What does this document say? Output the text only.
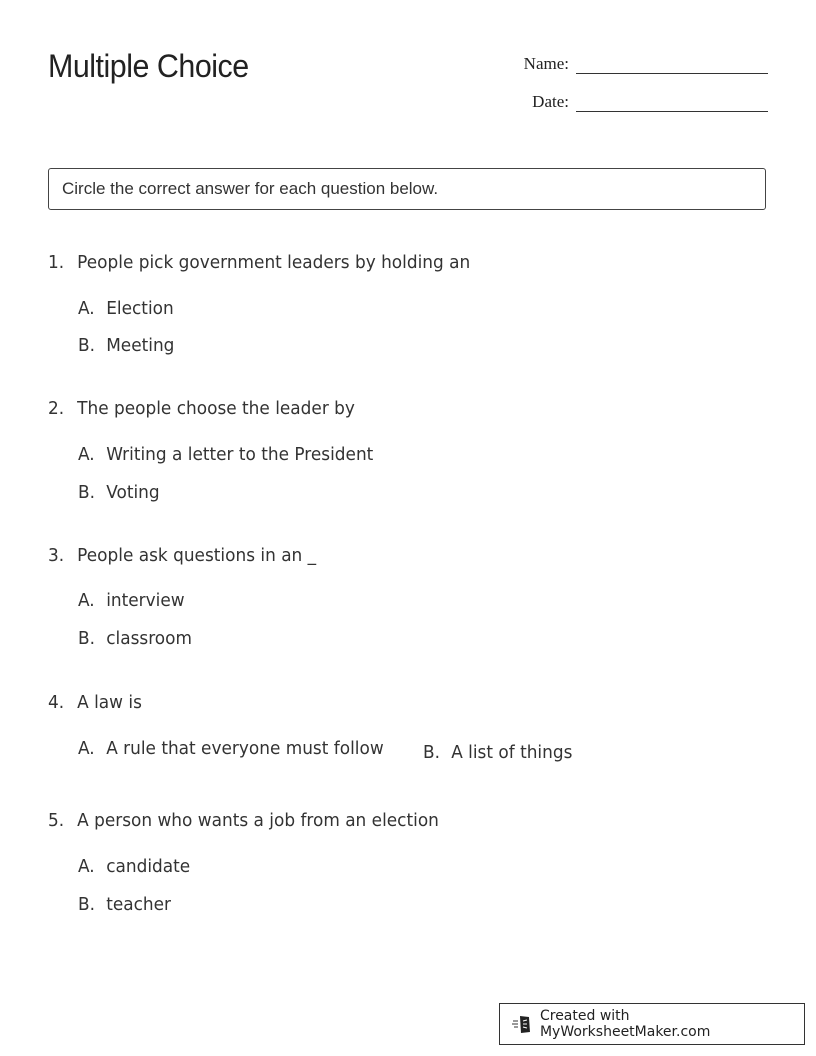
Multiple Choice	Name:
Date:
Circle the correct answer for each question below.
1. People pick government leaders by holding an
A. Election
B. Meeting
2. The people choose the leader by
A. Writing a letter to the President
B. Voting
3. People ask questions in an _
A. interview
B. classroom
4. A law is
A. A rule that everyone must follow B. A list of things
5. A person who wants a job from an election
A. candidate
B. teacher
Created with MyWorksheetMaker.com
